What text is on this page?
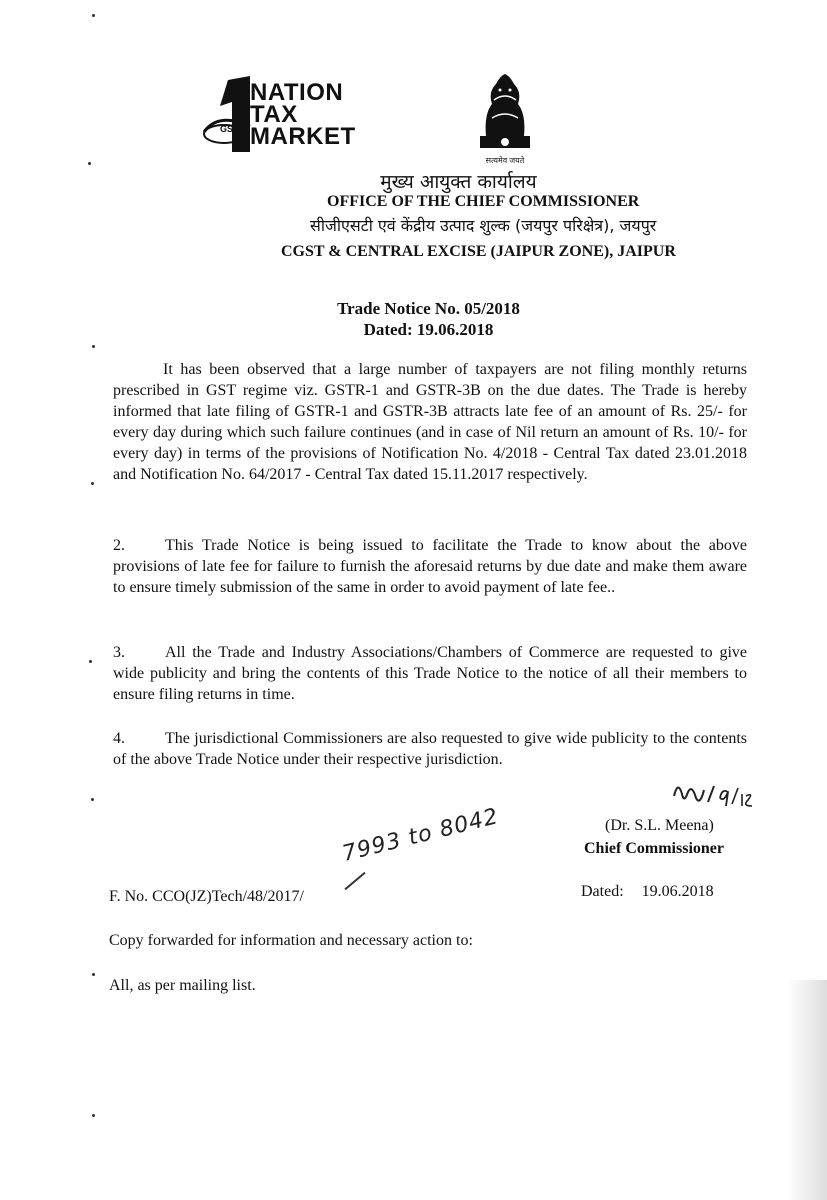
GST
NATION
TAX
MARKET
सत्यमेव जयते
मुख्य आयुक्त कार्यालय
OFFICE OF THE CHIEF COMMISSIONER
सीजीएसटी एवं केंद्रीय उत्पाद शुल्क (जयपुर परिक्षेत्र), जयपुर
CGST & CENTRAL EXCISE (JAIPUR ZONE), JAIPUR
Trade Notice No. 05/2018
Dated: 19.06.2018
It has been observed that a large number of taxpayers are not filing monthly returns prescribed in GST regime viz. GSTR-1 and GSTR-3B on the due dates. The Trade is hereby informed that late filing of GSTR-1 and GSTR-3B attracts late fee of an amount of Rs. 25/- for every day during which such failure continues (and in case of Nil return an amount of Rs. 10/- for every day) in terms of the provisions of Notification No. 4/2018 - Central Tax dated 23.01.2018 and Notification No. 64/2017 - Central Tax dated 15.11.2017 respectively.
2.	This Trade Notice is being issued to facilitate the Trade to know about the above provisions of late fee for failure to furnish the aforesaid returns by due date and make them aware to ensure timely submission of the same in order to avoid payment of late fee..
3.	All the Trade and Industry Associations/Chambers of Commerce are requested to give wide publicity and bring the contents of this Trade Notice to the notice of all their members to ensure filing returns in time.
4.	The jurisdictional Commissioners are also requested to give wide publicity to the contents of the above Trade Notice under their respective jurisdiction.
(Dr. S.L. Meena)
Chief Commissioner
F. No. CCO(JZ)Tech/48/2017/
7993 to 8042
Dated: 19.06.2018
Copy forwarded for information and necessary action to:
All, as per mailing list.
